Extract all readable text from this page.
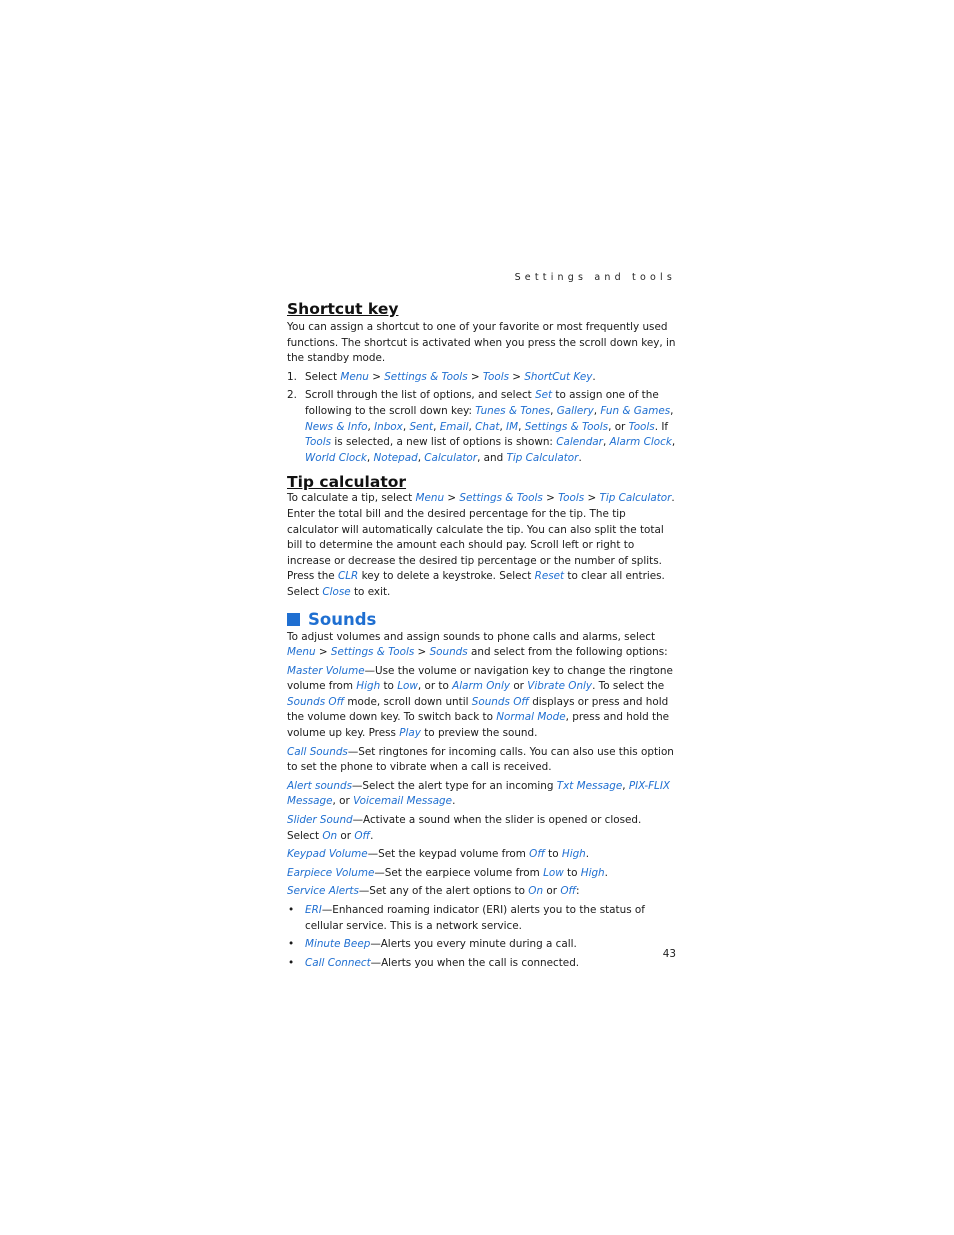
Settings and tools
Shortcut key

You can assign a shortcut to one of your favorite or most frequently used functions. The shortcut is activated when you press the scroll down key, in the standby mode.

1. Select Menu > Settings & Tools > Tools > ShortCut Key.
2. Scroll through the list of options, and select Set to assign one of the following to the scroll down key: Tunes & Tones, Gallery, Fun & Games, News & Info, Inbox, Sent, Email, Chat, IM, Settings & Tools, or Tools. If Tools is selected, a new list of options is shown: Calendar, Alarm Clock, World Clock, Notepad, Calculator, and Tip Calculator.
Tip calculator

To calculate a tip, select Menu > Settings & Tools > Tools > Tip Calculator. Enter the total bill and the desired percentage for the tip. The tip calculator will automatically calculate the tip. You can also split the total bill to determine the amount each should pay. Scroll left or right to increase or decrease the desired tip percentage or the number of splits. Press the CLR key to delete a keystroke. Select Reset to clear all entries. Select Close to exit.

Sounds

To adjust volumes and assign sounds to phone calls and alarms, select Menu > Settings & Tools > Sounds and select from the following options:

Master Volume—Use the volume or navigation key to change the ringtone volume from High to Low, or to Alarm Only or Vibrate Only. To select the Sounds Off mode, scroll down until Sounds Off displays or press and hold the volume down key. To switch back to Normal Mode, press and hold the volume up key. Press Play to preview the sound.

Call Sounds—Set ringtones for incoming calls. You can also use this option to set the phone to vibrate when a call is received.

Alert sounds—Select the alert type for an incoming Txt Message, PIX-FLIX Message, or Voicemail Message.

Slider Sound—Activate a sound when the slider is opened or closed. Select On or Off.

Keypad Volume—Set the keypad volume from Off to High.

Earpiece Volume—Set the earpiece volume from Low to High.

Service Alerts—Set any of the alert options to On or Off:

• ERI—Enhanced roaming indicator (ERI) alerts you to the status of cellular service. This is a network service.
• Minute Beep—Alerts you every minute during a call.
• Call Connect—Alerts you when the call is connected.
43
